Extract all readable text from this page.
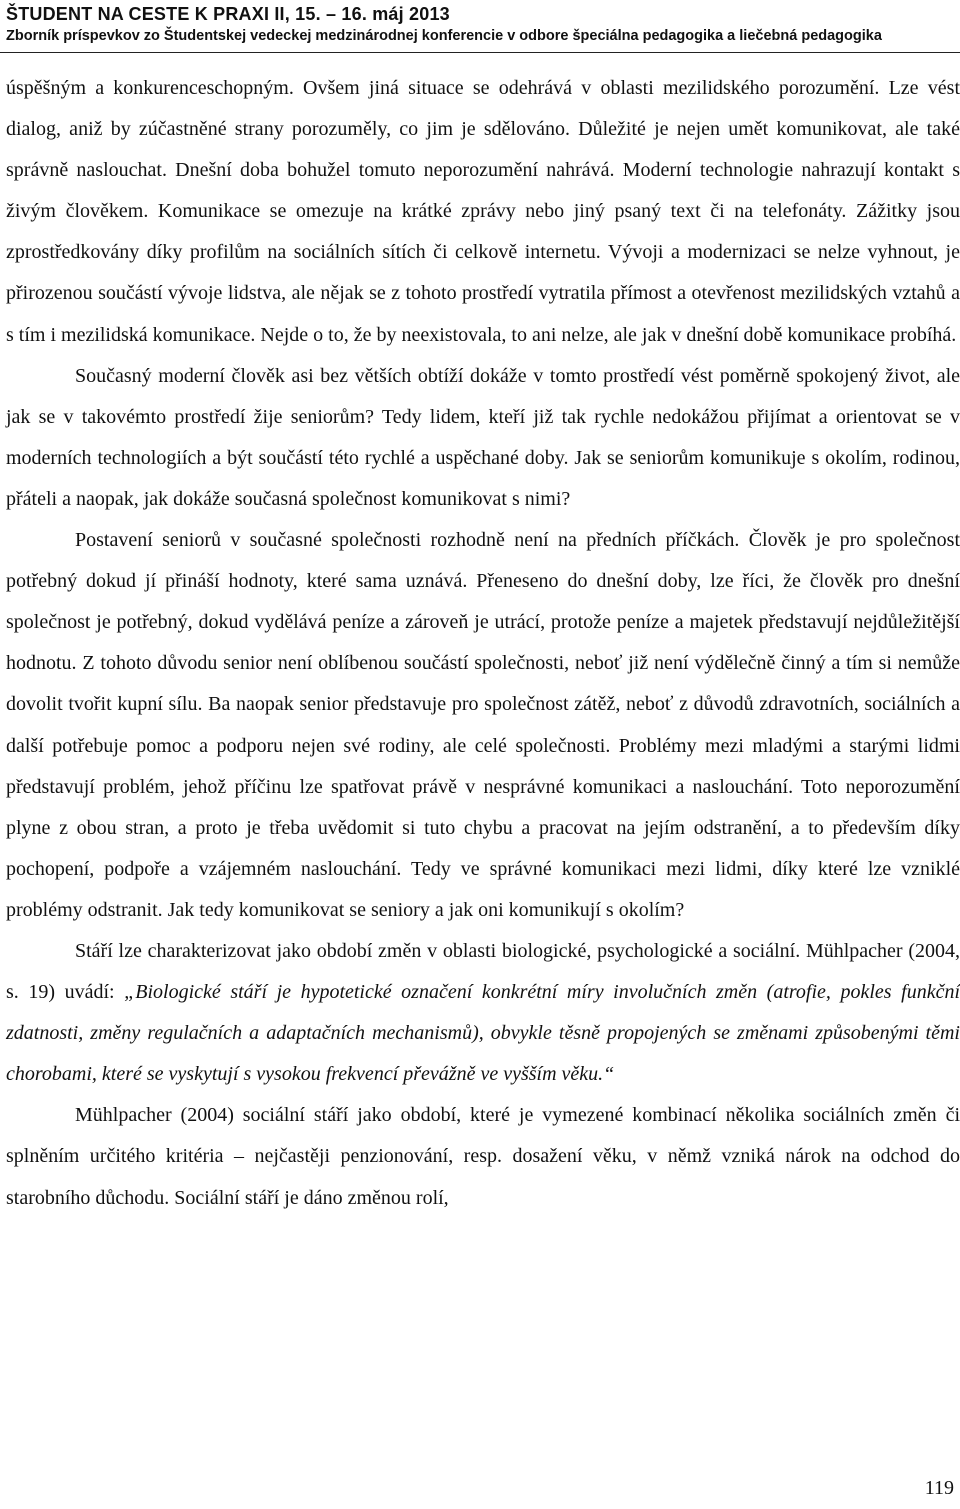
ŠTUDENT NA CESTE K PRAXI II, 15. – 16. máj 2013
Zborník príspevkov zo Študentskej vedeckej medzinárodnej konferencie v odbore špeciálna pedagogika a liečebná pedagogika

úspěšným a konkurenceschopným. Ovšem jiná situace se odehrává v oblasti mezilidského porozumění. Lze vést dialog, aniž by zúčastněné strany porozuměly, co jim je sdělováno. Důležité je nejen umět komunikovat, ale také správně naslouchat. Dnešní doba bohužel tomuto neporozumění nahrává. Moderní technologie nahrazují kontakt s živým člověkem. Komunikace se omezuje na krátké zprávy nebo jiný psaný text či na telefonáty. Zážitky jsou zprostředkovány díky profilům na sociálních sítích či celkově internetu. Vývoji a modernizaci se nelze vyhnout, je přirozenou součástí vývoje lidstva, ale nějak se z tohoto prostředí vytratila přímost a otevřenost mezilidských vztahů a s tím i mezilidská komunikace. Nejde o to, že by neexistovala, to ani nelze, ale jak v dnešní době komunikace probíhá.

Současný moderní člověk asi bez větších obtíží dokáže v tomto prostředí vést poměrně spokojený život, ale jak se v takovémto prostředí žije seniorům? Tedy lidem, kteří již tak rychle nedokážou přijímat a orientovat se v moderních technologiích a být součástí této rychlé a uspěchané doby. Jak se seniorům komunikuje s okolím, rodinou, přáteli a naopak, jak dokáže současná společnost komunikovat s nimi?

Postavení seniorů v současné společnosti rozhodně není na předních příčkách. Člověk je pro společnost potřebný dokud jí přináší hodnoty, které sama uznává. Přeneseno do dnešní doby, lze říci, že člověk pro dnešní společnost je potřebný, dokud vydělává peníze a zároveň je utrácí, protože peníze a majetek představují nejdůležitější hodnotu. Z tohoto důvodu senior není oblíbenou součástí společnosti, neboť již není výdělečně činný a tím si nemůže dovolit tvořit kupní sílu. Ba naopak senior představuje pro společnost zátěž, neboť z důvodů zdravotních, sociálních a další potřebuje pomoc a podporu nejen své rodiny, ale celé společnosti. Problémy mezi mladými a starými lidmi představují problém, jehož příčinu lze spatřovat právě v nesprávné komunikaci a naslouchání. Toto neporozumění plyne z obou stran, a proto je třeba uvědomit si tuto chybu a pracovat na jejím odstranění, a to především díky pochopení, podpoře a vzájemném naslouchání. Tedy ve správné komunikaci mezi lidmi, díky které lze vzniklé problémy odstranit. Jak tedy komunikovat se seniory a jak oni komunikují s okolím?

Stáří lze charakterizovat jako období změn v oblasti biologické, psychologické a sociální. Mühlpacher (2004, s. 19) uvádí: „Biologické stáří je hypotetické označení konkrétní míry involučních změn (atrofie, pokles funkční zdatnosti, změny regulačních a adaptačních mechanismů), obvykle těsně propojených se změnami způsobenými těmi chorobami, které se vyskytují s vysokou frekvencí převážně ve vyšším věku.“

Mühlpacher (2004) sociální stáří jako období, které je vymezené kombinací několika sociálních změn či splněním určitého kritéria – nejčastěji penzionování, resp. dosažení věku, v němž vzniká nárok na odchod do starobního důchodu. Sociální stáří je dáno změnou rolí,

119
